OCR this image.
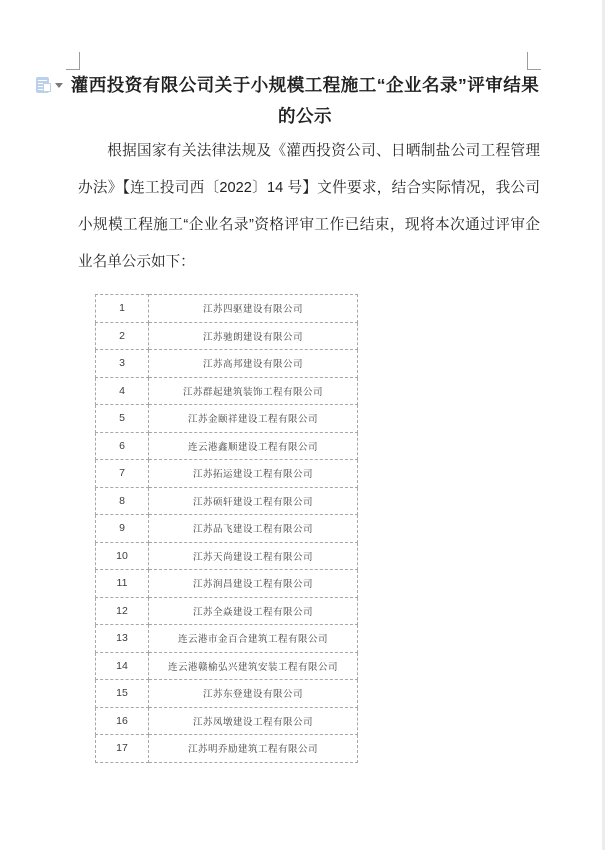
灌西投资有限公司关于小规模工程施工“企业名录”评审结果的公示
根据国家有关法律法规及《灌西投资公司、日晒制盐公司工程管理办法》【连工投司西〔2022〕14 号】文件要求，结合实际情况，我公司小规模工程施工“企业名录”资格评审工作已结束，现将本次通过评审企业名单公示如下：
1	江苏四驱建设有限公司
2	江苏驰朗建设有限公司
3	江苏高邦建设有限公司
4	江苏群起建筑装饰工程有限公司
5	江苏金颐祥建设工程有限公司
6	连云港鑫顺建设工程有限公司
7	江苏拓运建设工程有限公司
8	江苏硕轩建设工程有限公司
9	江苏品飞建设工程有限公司
10	江苏天尚建设工程有限公司
11	江苏润昌建设工程有限公司
12	江苏全焱建设工程有限公司
13	连云港市金百合建筑工程有限公司
14	连云港赣榆弘兴建筑安装工程有限公司
15	江苏东登建设有限公司
16	江苏凤墩建设工程有限公司
17	江苏明乔励建筑工程有限公司
